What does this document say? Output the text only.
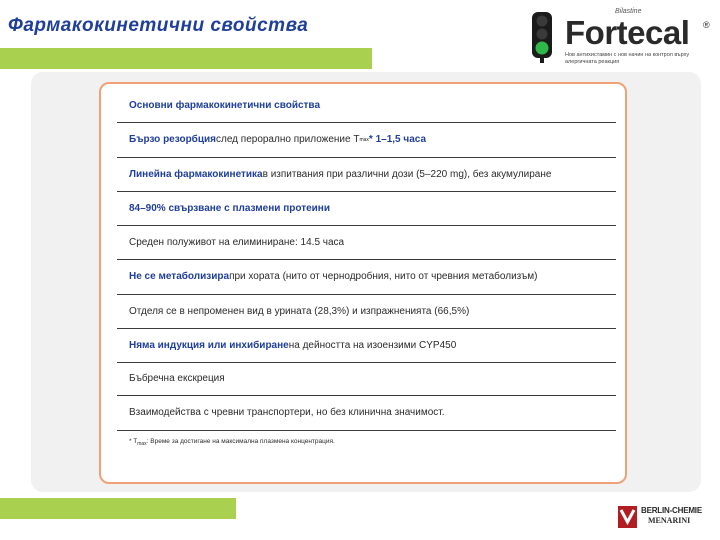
Фармакокинетични свойства
Bilastine
Fortecal ®
Нов антихистамин с нов начин на контрол върху алергичната реакция
Основни фармакокинетични свойства
Бързо резорбция след перорално приложение T max * 1–1,5 часа
Линейна фармакокинетика в изпитвания при различни дози (5–220 mg), без акумулиране
84–90% свързване с плазмени протеини
Среден полуживот на елиминиране: 14.5 часа
Не се метаболизира при хората (нито от чернодробния, нито от чревния метаболизъм)
Отделя се в непроменен вид в урината (28,3%) и изпражненията (66,5%)
Няма индукция или инхибиране на дейността на изоензими CYP450
Бъбречна екскреция
Взаимодейства с чревни транспортери, но без клинична значимост.
* $T_{max}$: Време за достигане на максимална плазмена концентрация.
BERLIN-CHEMIE
MENARINI
